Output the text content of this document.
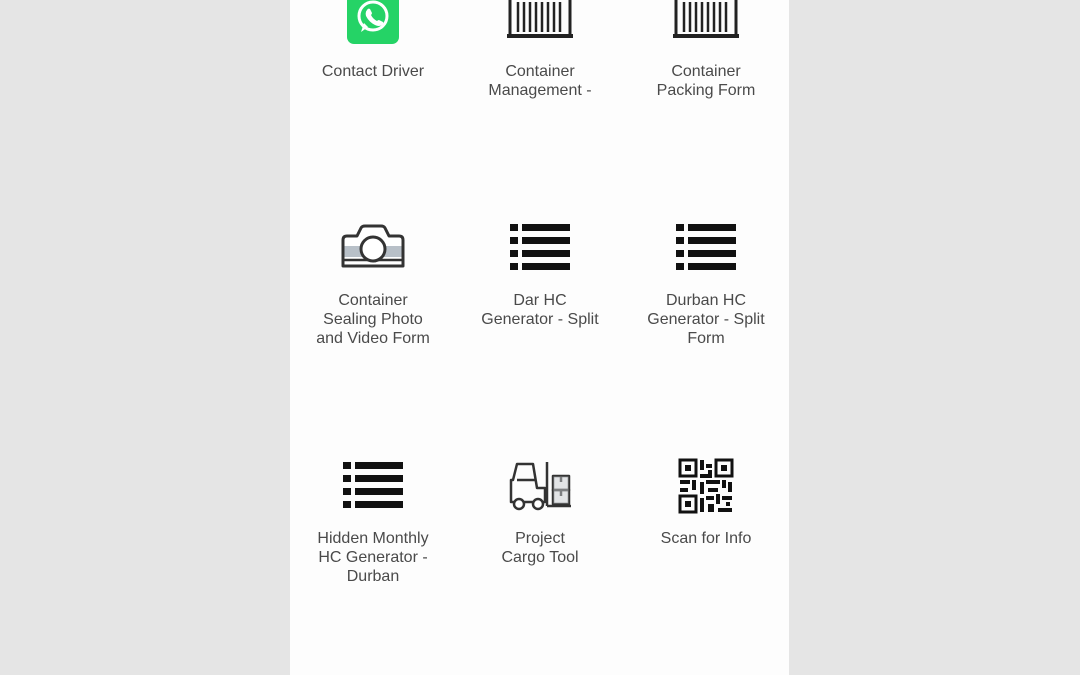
Contact Driver	Container
Management -
Container
Packing Form
Container
Sealing Photo
and Video Form
Dar HC
Generator - Split
Durban HC
Generator - Split
Form
Hidden Monthly
HC Generator -
Durban
Project
Cargo Tool
Scan for Info
